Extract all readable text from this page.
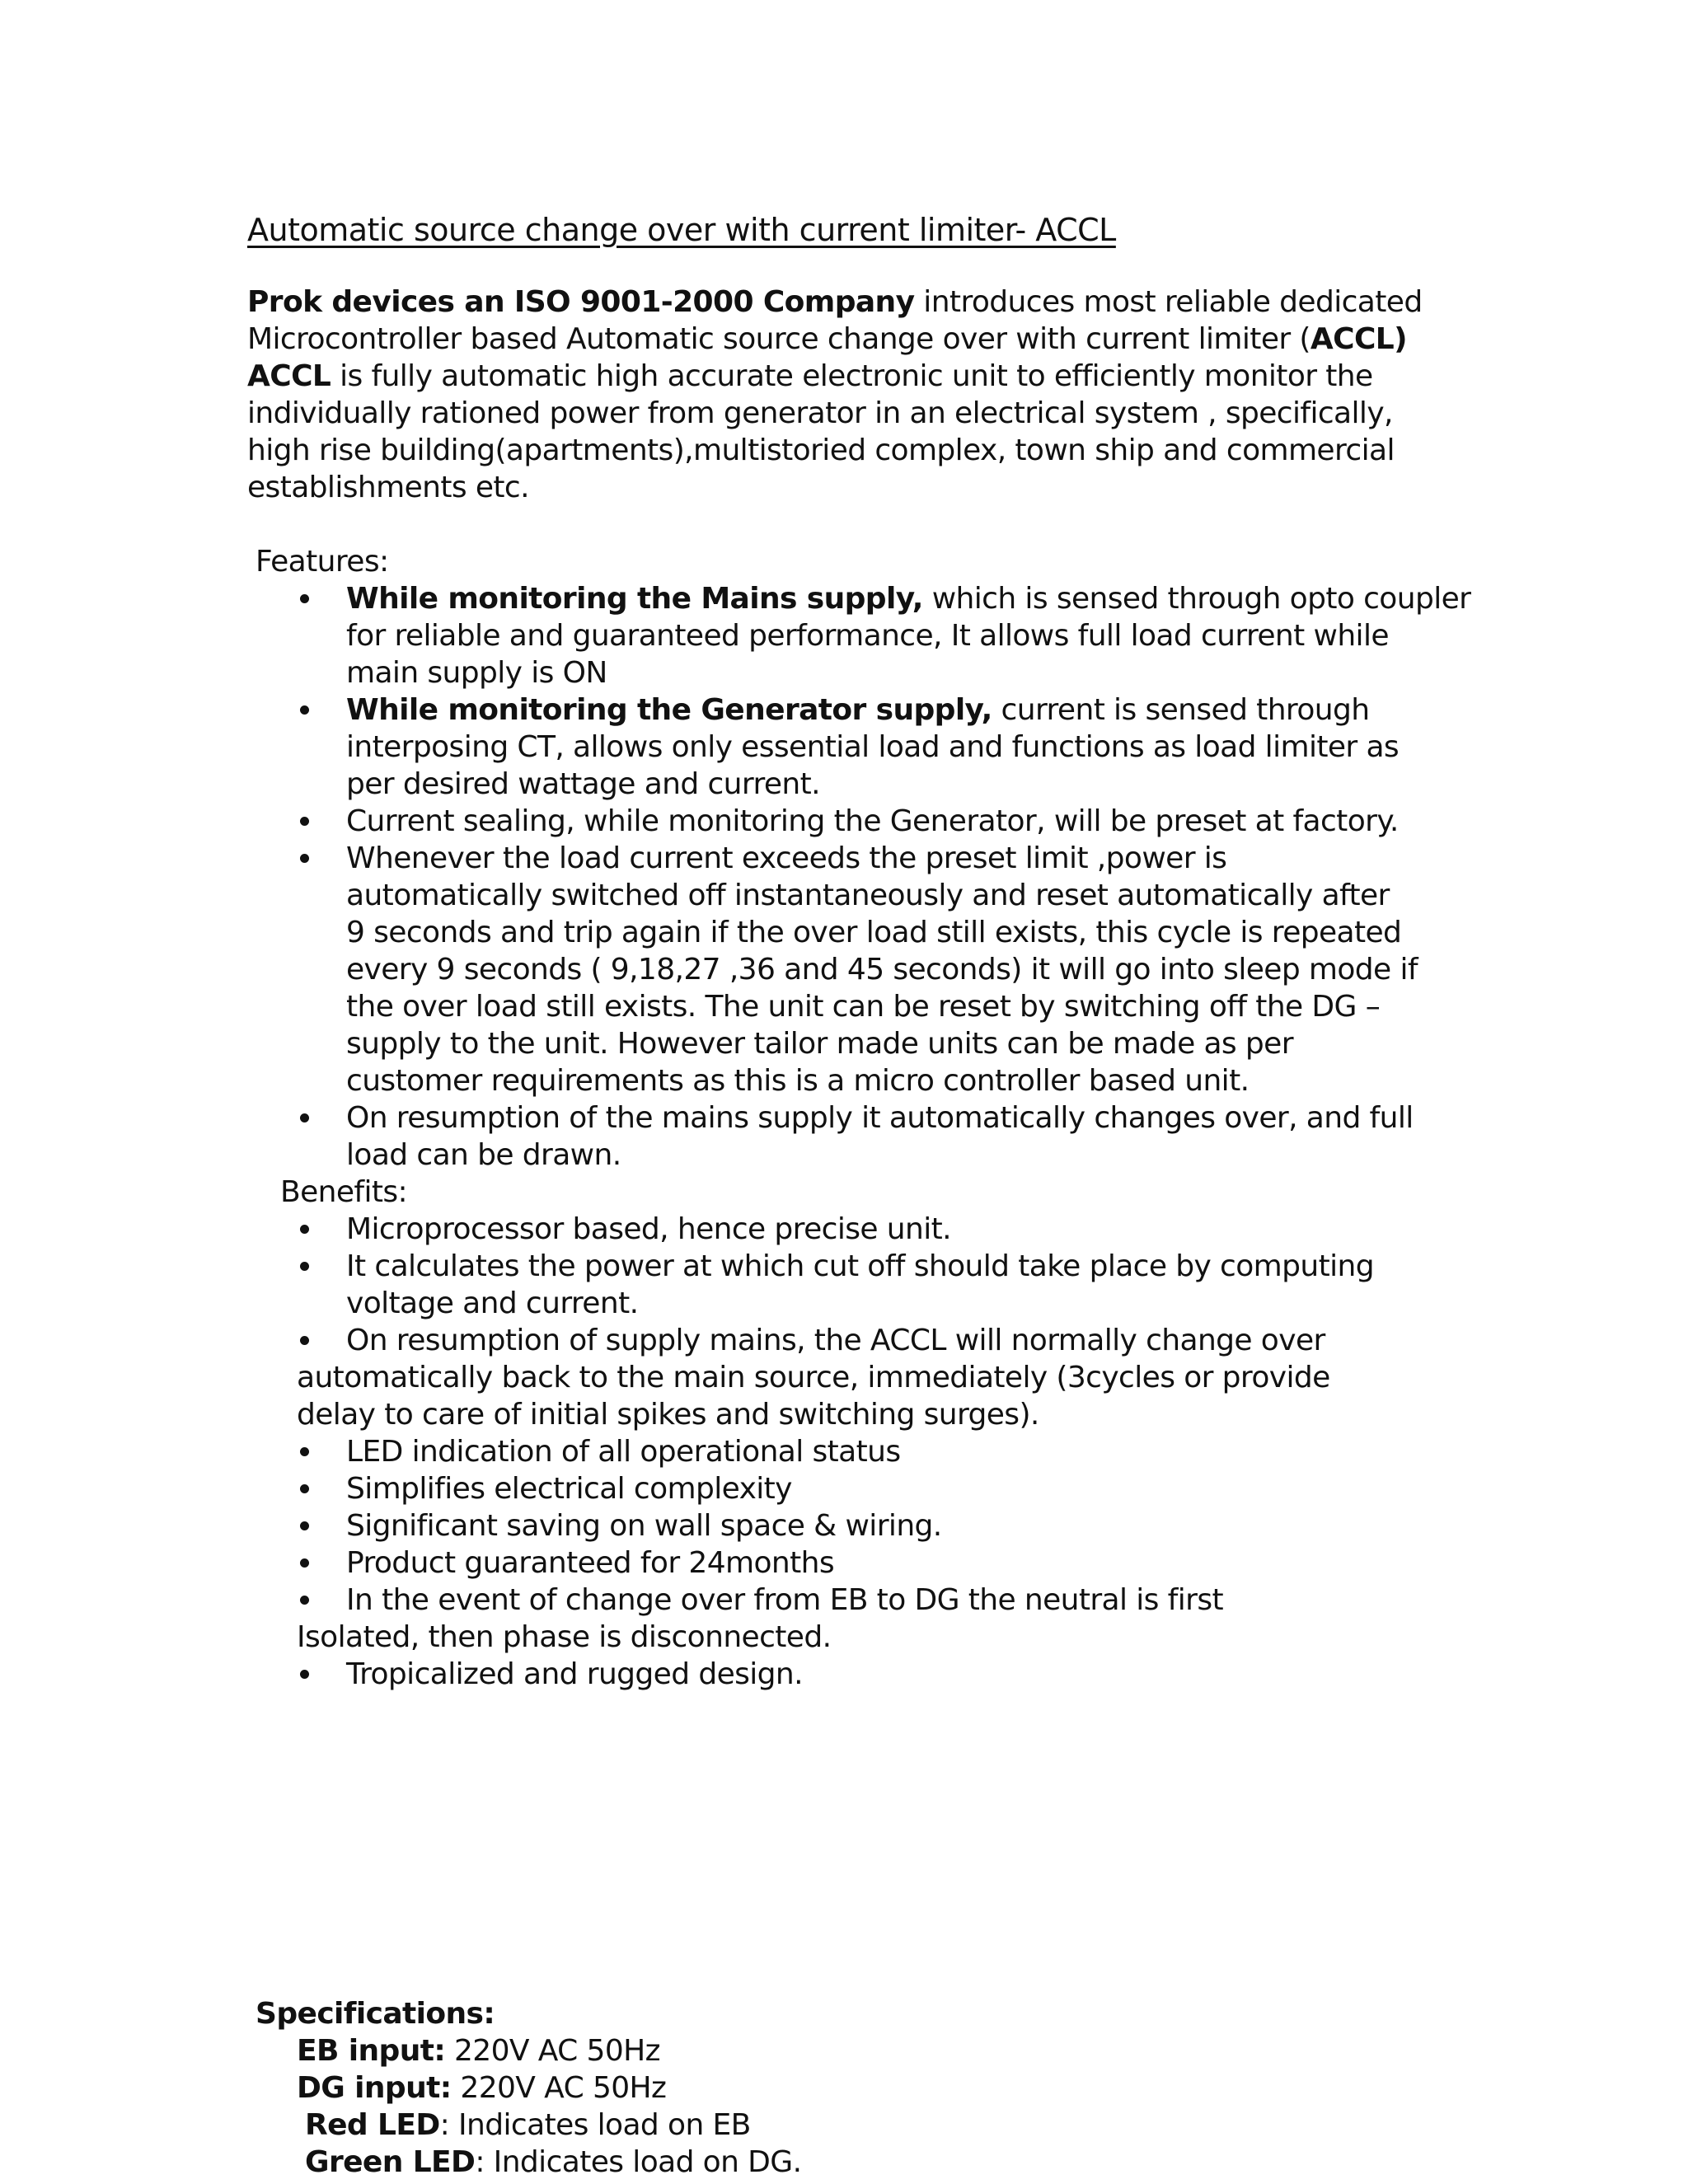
Automatic source change over with current limiter- ACCL
Prok devices an ISO 9001-2000 Company introduces most reliable dedicated
Microcontroller based Automatic source change over with current limiter (ACCL)
ACCL is fully automatic high accurate electronic unit to efficiently monitor the
individually rationed power from generator in an electrical system , specifically,
high rise building(apartments),multistoried complex, town ship and commercial
establishments etc.
Features:
While monitoring the Mains supply, which is sensed through opto coupler
for reliable and guaranteed performance, It allows full load current while
main supply is ON
While monitoring the Generator supply, current is sensed through
interposing CT, allows only essential load and functions as load limiter as
per desired wattage and current.
Current sealing, while monitoring the Generator, will be preset at factory.
Whenever the load current exceeds the preset limit ,power is
automatically switched off instantaneously and reset automatically after
9 seconds and trip again if the over load still exists, this cycle is repeated
every 9 seconds ( 9,18,27 ,36 and 45 seconds) it will go into sleep mode if
the over load still exists. The unit can be reset by switching off the DG –
supply to the unit. However tailor made units can be made as per
customer requirements as this is a micro controller based unit.
On resumption of the mains supply it automatically changes over, and full
load can be drawn.
Benefits:
Microprocessor based, hence precise unit.
It calculates the power at which cut off should take place by computing
voltage and current.
On resumption of supply mains, the ACCL will normally change over
automatically back to the main source, immediately (3cycles or provide
delay to care of initial spikes and switching surges).
LED indication of all operational status
Simplifies electrical complexity
Significant saving on wall space & wiring.
Product guaranteed for 24months
In the event of change over from EB to DG the neutral is first
Isolated, then phase is disconnected.
Tropicalized and rugged design.
Specifications:
EB input: 220V AC 50Hz
DG input: 220V AC 50Hz
Red LED: Indicates load on EB
Green LED: Indicates load on DG.
